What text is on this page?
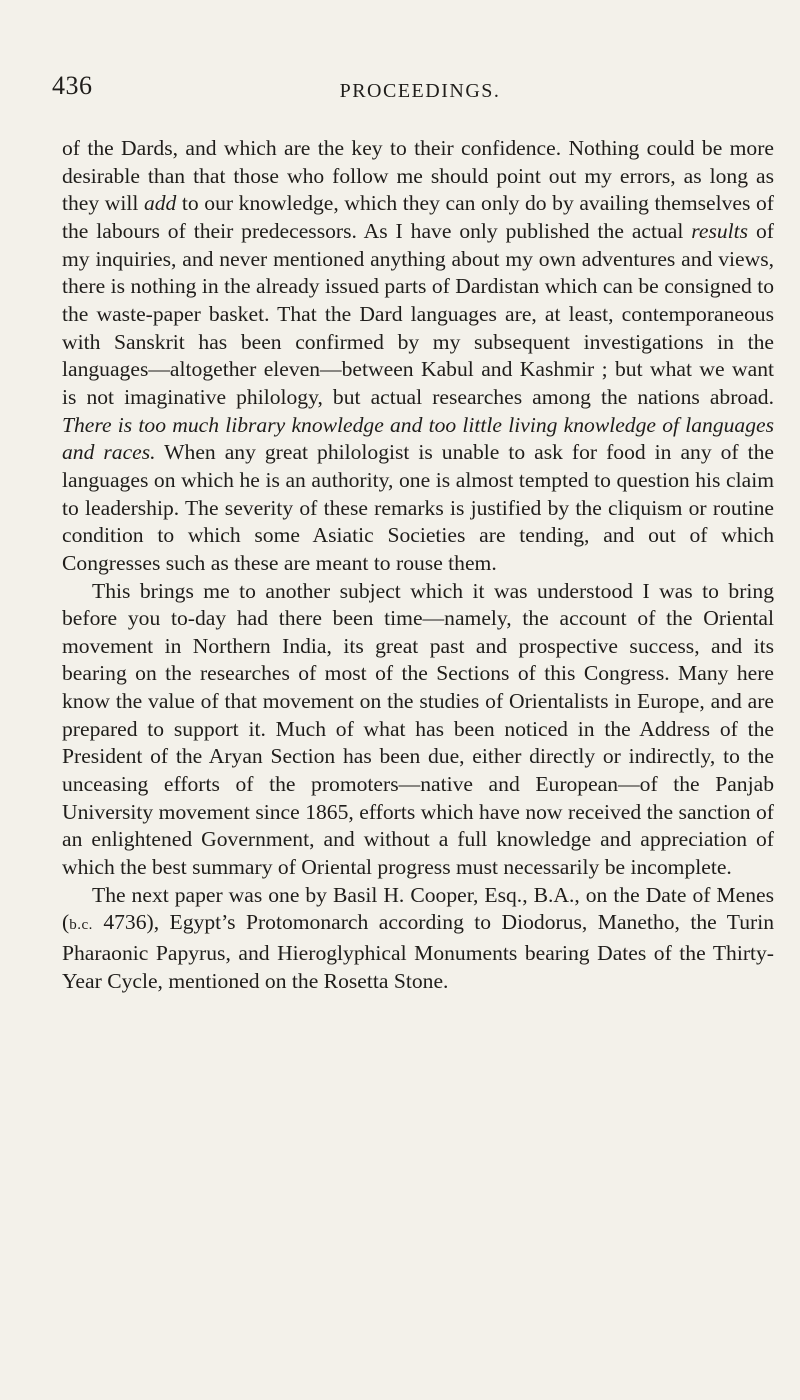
436	PROCEEDINGS.

of the Dards, and which are the key to their confidence. Nothing could be more desirable than that those who follow me should point out my errors, as long as they will add to our knowledge, which they can only do by availing themselves of the labours of their predecessors. As I have only published the actual results of my inquiries, and never mentioned anything about my own adventures and views, there is nothing in the already issued parts of Dardistan which can be consigned to the waste-paper basket. That the Dard languages are, at least, contemporaneous with Sanskrit has been confirmed by my subsequent investigations in the languages—altogether eleven—between Kabul and Kashmir ; but what we want is not imaginative philology, but actual researches among the nations abroad. There is too much library knowledge and too little living knowledge of languages and races. When any great philologist is unable to ask for food in any of the languages on which he is an authority, one is almost tempted to question his claim to leadership. The severity of these remarks is justified by the cliquism or routine condition to which some Asiatic Societies are tending, and out of which Congresses such as these are meant to rouse them.

This brings me to another subject which it was understood I was to bring before you to-day had there been time—namely, the account of the Oriental movement in Northern India, its great past and prospective success, and its bearing on the researches of most of the Sections of this Congress. Many here know the value of that movement on the studies of Orientalists in Europe, and are prepared to support it. Much of what has been noticed in the Address of the President of the Aryan Section has been due, either directly or indirectly, to the unceasing efforts of the promoters—native and European—of the Panjab University movement since 1865, efforts which have now received the sanction of an enlightened Government, and without a full knowledge and appreciation of which the best summary of Oriental progress must necessarily be incomplete.

The next paper was one by Basil H. Cooper, Esq., B.A., on the Date of Menes (b.c. 4736), Egypt’s Protomonarch according to Diodorus, Manetho, the Turin Pharaonic Papyrus, and Hieroglyphical Monuments bearing Dates of the Thirty-Year Cycle, mentioned on the Rosetta Stone.
